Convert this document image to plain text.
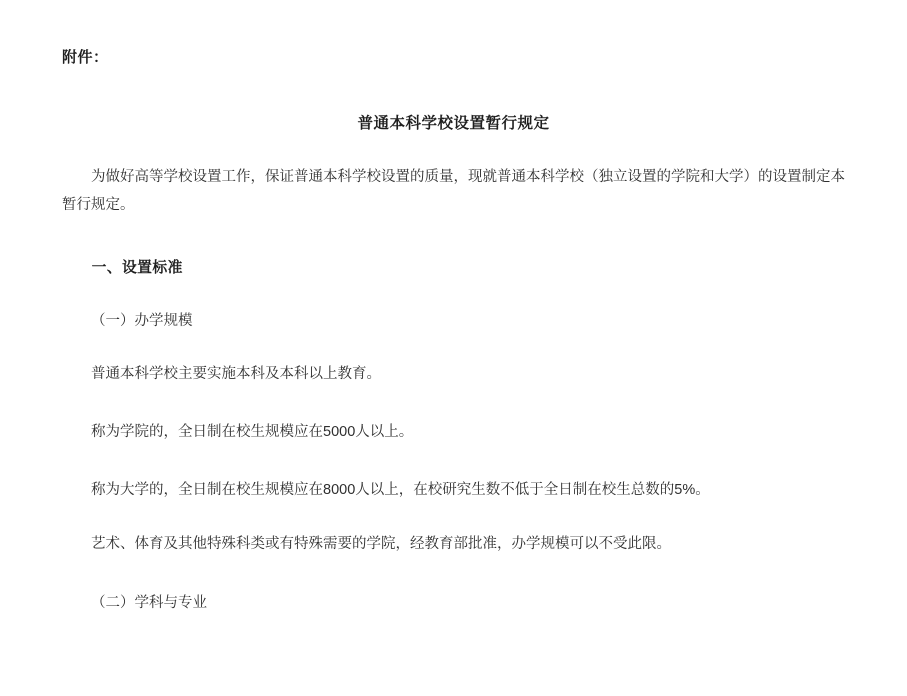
附件：
普通本科学校设置暂行规定

为做好高等学校设置工作，保证普通本科学校设置的质量，现就普通本科学校（独立设置的学院和大学）的设置制定本暂行规定。

一、设置标准
（一）办学规模

普通本科学校主要实施本科及本科以上教育。

称为学院的，全日制在校生规模应在5000人以上。

称为大学的，全日制在校生规模应在8000人以上，在校研究生数不低于全日制在校生总数的5%。

艺术、体育及其他特殊科类或有特殊需要的学院，经教育部批准，办学规模可以不受此限。

（二）学科与专业
